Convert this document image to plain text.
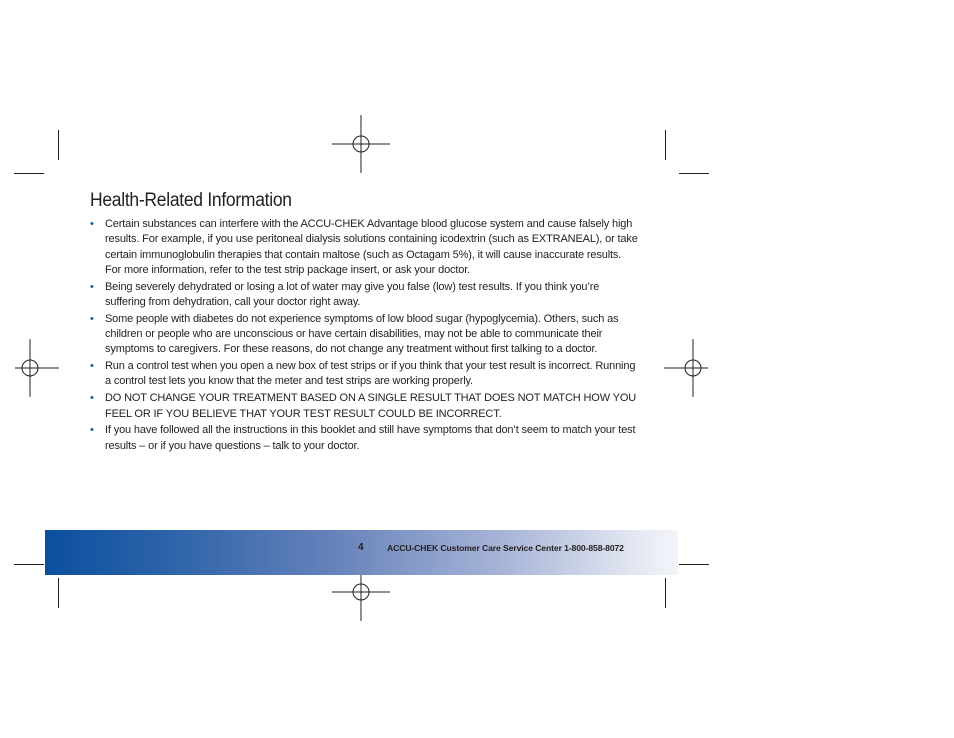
Health-Related Information
• Certain substances can interfere with the ACCU-CHEK Advantage blood glucose system and cause falsely high results. For example, if you use peritoneal dialysis solutions containing icodextrin (such as EXTRANEAL), or take certain immunoglobulin therapies that contain maltose (such as Octagam 5%), it will cause inaccurate results. For more information, refer to the test strip package insert, or ask your doctor.
• Being severely dehydrated or losing a lot of water may give you false (low) test results. If you think you’re suffering from dehydration, call your doctor right away.
• Some people with diabetes do not experience symptoms of low blood sugar (hypoglycemia). Others, such as children or people who are unconscious or have certain disabilities, may not be able to communicate their symptoms to caregivers. For these reasons, do not change any treatment without first talking to a doctor.
• Run a control test when you open a new box of test strips or if you think that your test result is incorrect. Running a control test lets you know that the meter and test strips are working properly.
• DO NOT CHANGE YOUR TREATMENT BASED ON A SINGLE RESULT THAT DOES NOT MATCH HOW YOU FEEL OR IF YOU BELIEVE THAT YOUR TEST RESULT COULD BE INCORRECT.
• If you have followed all the instructions in this booklet and still have symptoms that don’t seem to match your test results – or if you have questions – talk to your doctor.
4	ACCU-CHEK Customer Care Service Center 1-800-858-8072
